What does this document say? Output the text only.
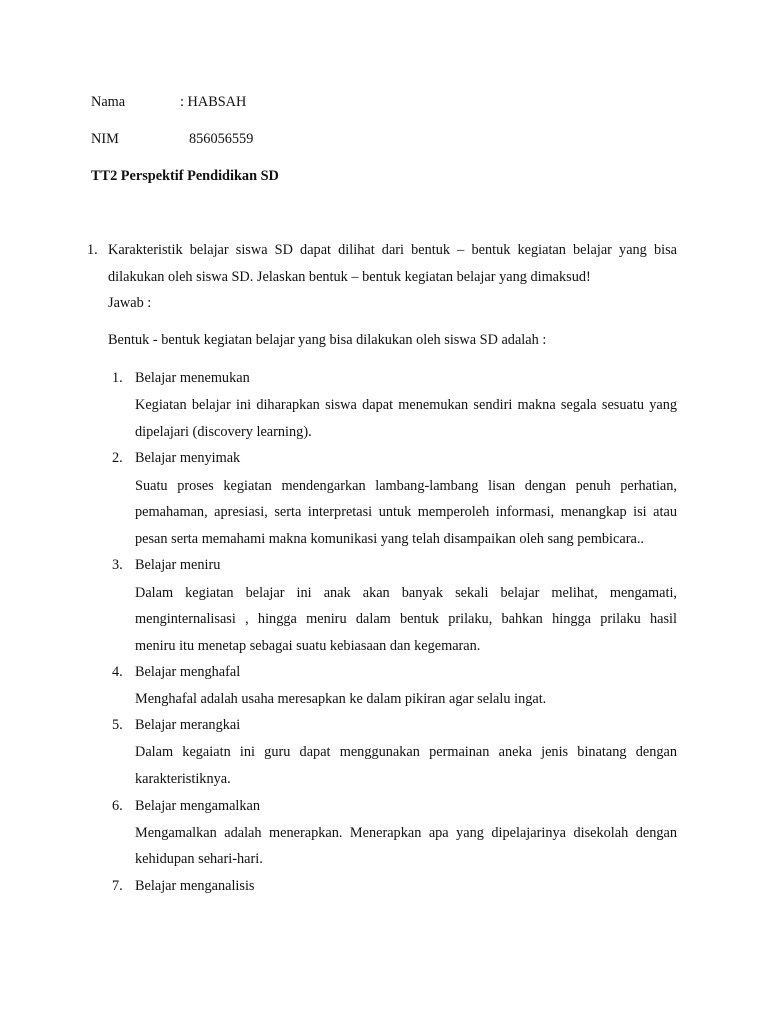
Nama	: HABSAH
NIM	856056559
TT2 Perspektif Pendidikan SD
1. Karakteristik belajar siswa SD dapat dilihat dari bentuk – bentuk kegiatan belajar yang bisa
dilakukan oleh siswa SD. Jelaskan bentuk – bentuk kegiatan belajar yang dimaksud!
Jawab :
Bentuk - bentuk kegiatan belajar yang bisa dilakukan oleh siswa SD adalah :
1. Belajar menemukan
Kegiatan belajar ini diharapkan siswa dapat menemukan sendiri makna segala sesuatu yang
dipelajari (discovery learning).
2. Belajar menyimak
Suatu proses kegiatan mendengarkan lambang-lambang lisan dengan penuh perhatian,
pemahaman, apresiasi, serta interpretasi untuk memperoleh informasi, menangkap isi atau
pesan serta memahami makna komunikasi yang telah disampaikan oleh sang pembicara..
3. Belajar meniru
Dalam kegiatan belajar ini anak akan banyak sekali belajar melihat, mengamati,
menginternalisasi , hingga meniru dalam bentuk prilaku, bahkan hingga prilaku hasil
meniru itu menetap sebagai suatu kebiasaan dan kegemaran.
4. Belajar menghafal
Menghafal adalah usaha meresapkan ke dalam pikiran agar selalu ingat.
5. Belajar merangkai
Dalam kegaiatn ini guru dapat menggunakan permainan aneka jenis binatang dengan
karakteristiknya.
6. Belajar mengamalkan
Mengamalkan adalah menerapkan. Menerapkan apa yang dipelajarinya disekolah dengan
kehidupan sehari-hari.
7. Belajar menganalisis
